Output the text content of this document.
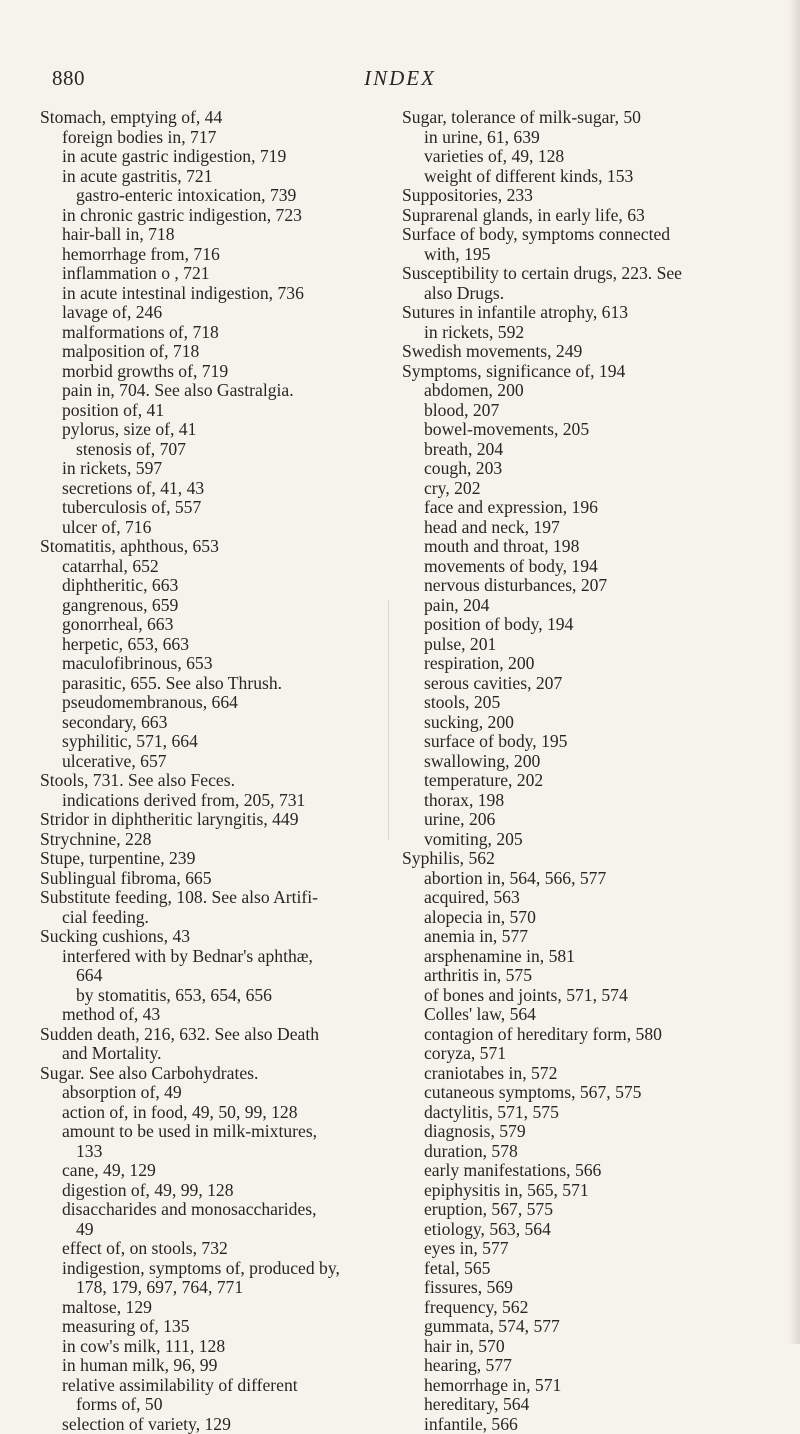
880	INDEX
Stomach, emptying of, 44
foreign bodies in, 717
in acute gastric indigestion, 719
in acute gastritis, 721
gastro-enteric intoxication, 739
in chronic gastric indigestion, 723
hair-ball in, 718
hemorrhage from, 716
inflammation o , 721
in acute intestinal indigestion, 736
lavage of, 246
malformations of, 718
malposition of, 718
morbid growths of, 719
pain in, 704. See also Gastralgia.
position of, 41
pylorus, size of, 41
stenosis of, 707
in rickets, 597
secretions of, 41, 43
tuberculosis of, 557
ulcer of, 716
Stomatitis, aphthous, 653
catarrhal, 652
diphtheritic, 663
gangrenous, 659
gonorrheal, 663
herpetic, 653, 663
maculofibrinous, 653
parasitic, 655. See also Thrush.
pseudomembranous, 664
secondary, 663
syphilitic, 571, 664
ulcerative, 657
Stools, 731. See also Feces.
indications derived from, 205, 731
Stridor in diphtheritic laryngitis, 449
Strychnine, 228
Stupe, turpentine, 239
Sublingual fibroma, 665
Substitute feeding, 108. See also Artifi-
cial feeding.
Sucking cushions, 43
interfered with by Bednar's aphthæ,
664
by stomatitis, 653, 654, 656
method of, 43
Sudden death, 216, 632. See also Death
and Mortality.
Sugar. See also Carbohydrates.
absorption of, 49
action of, in food, 49, 50, 99, 128
amount to be used in milk-mixtures,
133
cane, 49, 129
digestion of, 49, 99, 128
disaccharides and monosaccharides,
49
effect of, on stools, 732
indigestion, symptoms of, produced by,
178, 179, 697, 764, 771
maltose, 129
measuring of, 135
in cow's milk, 111, 128
in human milk, 96, 99
relative assimilability of different
forms of, 50
selection of variety, 129
Sugar, tolerance of milk-sugar, 50
in urine, 61, 639
varieties of, 49, 128
weight of different kinds, 153
Suppositories, 233
Suprarenal glands, in early life, 63
Surface of body, symptoms connected
with, 195
Susceptibility to certain drugs, 223. See
also Drugs.
Sutures in infantile atrophy, 613
in rickets, 592
Swedish movements, 249
Symptoms, significance of, 194
abdomen, 200
blood, 207
bowel-movements, 205
breath, 204
cough, 203
cry, 202
face and expression, 196
head and neck, 197
mouth and throat, 198
movements of body, 194
nervous disturbances, 207
pain, 204
position of body, 194
pulse, 201
respiration, 200
serous cavities, 207
stools, 205
sucking, 200
surface of body, 195
swallowing, 200
temperature, 202
thorax, 198
urine, 206
vomiting, 205
Syphilis, 562
abortion in, 564, 566, 577
acquired, 563
alopecia in, 570
anemia in, 577
arsphenamine in, 581
arthritis in, 575
of bones and joints, 571, 574
Colles' law, 564
contagion of hereditary form, 580
coryza, 571
craniotabes in, 572
cutaneous symptoms, 567, 575
dactylitis, 571, 575
diagnosis, 579
duration, 578
early manifestations, 566
epiphysitis in, 565, 571
eruption, 567, 575
etiology, 563, 564
eyes in, 577
fetal, 565
fissures, 569
frequency, 562
gummata, 574, 577
hair in, 570
hearing, 577
hemorrhage in, 571
hereditary, 564
infantile, 566
